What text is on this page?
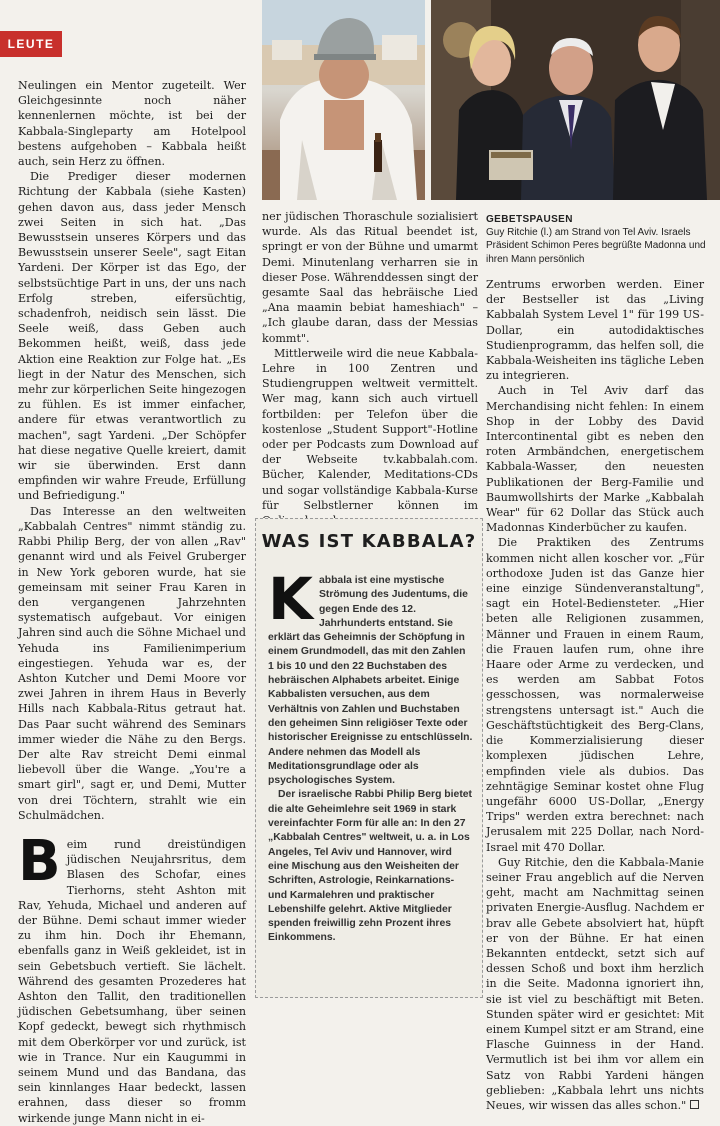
LEUTE
GEBETSPAUSEN
Guy Ritchie (l.) am Strand von Tel Aviv. Israels Präsident Schimon Peres begrüßte Madonna und ihren Mann persönlich

Neulingen ein Mentor zugeteilt. Wer Gleichgesinnte noch näher kennenlernen möchte, ist bei der Kabbala-Singleparty am Hotelpool bestens aufgehoben – Kabbala heißt auch, sein Herz zu öffnen.

Die Prediger dieser modernen Richtung der Kabbala (siehe Kasten) gehen davon aus, dass jeder Mensch zwei Seiten in sich hat. „Das Bewusstsein unseres Körpers und das Bewusstsein unserer Seele", sagt Eitan Yardeni. Der Körper ist das Ego, der selbstsüchtige Part in uns, der uns nach Erfolg streben, eifersüchtig, schadenfroh, neidisch sein lässt. Die Seele weiß, dass Geben auch Bekommen heißt, weiß, dass jede Aktion eine Reaktion zur Folge hat. „Es liegt in der Natur des Menschen, sich mehr zur körperlichen Seite hingezogen zu fühlen. Es ist immer einfacher, andere für etwas verantwortlich zu machen", sagt Yardeni. „Der Schöpfer hat diese negative Quelle kreiert, damit wir sie überwinden. Erst dann empfinden wir wahre Freude, Erfüllung und Befriedigung."

Das Interesse an den weltweiten „Kabbalah Centres" nimmt ständig zu. Rabbi Philip Berg, der von allen „Rav" genannt wird und als Feivel Gruberger in New York geboren wurde, hat sie gemeinsam mit seiner Frau Karen in den vergangenen Jahrzehnten systematisch aufgebaut. Vor einigen Jahren sind auch die Söhne Michael und Yehuda ins Familienimperium eingestiegen. Yehuda war es, der Ashton Kutcher und Demi Moore vor zwei Jahren in ihrem Haus in Beverly Hills nach Kabbala-Ritus getraut hat. Das Paar sucht während des Seminars immer wieder die Nähe zu den Bergs. Der alte Rav streicht Demi einmal liebevoll über die Wange. „You're a smart girl", sagt er, und Demi, Mutter von drei Töchtern, strahlt wie ein Schulmädchen.

Beim rund dreistündigen jüdischen Neujahrsritus, dem Blasen des Schofar, eines Tierhorns, steht Ashton mit Rav, Yehuda, Michael und anderen auf der Bühne. Demi schaut immer wieder zu ihm hin. Doch ihr Ehemann, ebenfalls ganz in Weiß gekleidet, ist in sein Gebetsbuch vertieft. Sie lächelt. Während des gesamten Prozederes hat Ashton den Tallit, den traditionellen jüdischen Gebetsumhang, über seinen Kopf gedeckt, bewegt sich rhythmisch mit dem Oberkörper vor und zurück, ist wie in Trance. Nur ein Kaugummi in seinem Mund und das Bandana, das sein kinnlanges Haar bedeckt, lassen erahnen, dass dieser so fromm wirkende junge Mann nicht in ei-

ner jüdischen Thoraschule sozialisiert wurde. Als das Ritual beendet ist, springt er von der Bühne und umarmt Demi. Minutenlang verharren sie in dieser Pose. Währenddessen singt der gesamte Saal das hebräische Lied „Ana maamin bebiat hameshiach" – „Ich glaube daran, dass der Messias kommt".

Mittlerweile wird die neue Kabbala-Lehre in 100 Zentren und Studiengruppen weltweit vermittelt. Wer mag, kann sich auch virtuell fortbilden: per Telefon über die kostenlose „Student Support"-Hotline oder per Podcasts zum Download auf der Webseite tv.kabbalah.com. Bücher, Kalender, Meditations-CDs und sogar vollständige Kabbala-Kurse für Selbstlerner können im

WAS IST KABBALA?

Kabbala ist eine mystische Strömung des Judentums, die gegen Ende des 12. Jahrhunderts entstand. Sie erklärt das Geheimnis der Schöpfung in einem Grundmodell, das mit den Zahlen 1 bis 10 und den 22 Buchstaben des hebräischen Alphabets arbeitet. Einige Kabbalisten versuchen, aus dem Verhältnis von Zahlen und Buchstaben den geheimen Sinn religiöser Texte oder historischer Ereignisse zu entschlüsseln. Andere nehmen das Modell als Meditationsgrundlage oder als psychologisches System.

Der israelische Rabbi Philip Berg bietet die alte Geheimlehre seit 1969 in stark vereinfachter Form für alle an: In den 27 „Kabbalah Centres" weltweit, u. a. in Los Angeles, Tel Aviv und Hannover, wird eine Mischung aus den Weisheiten der Schriften, Astrologie, Reinkarnations- und Karmalehren und praktischer Lebenshilfe gelehrt. Aktive Mitglieder spenden freiwillig zehn Prozent ihres Einkommens.

Zentrums erworben werden. Einer der Bestseller ist das „Living Kabbalah System Level 1" für 199 US-Dollar, ein autodidaktisches Studienprogramm, das helfen soll, die Kabbala-Weisheiten ins tägliche Leben zu integrieren.

Auch in Tel Aviv darf das Merchandising nicht fehlen: In einem Shop in der Lobby des David Intercontinental gibt es neben den roten Armbändchen, energetischem Kabbala-Wasser, den neuesten Publikationen der Berg-Familie und Baumwollshirts der Marke „Kabbalah Wear" für 62 Dollar das Stück auch Madonnas Kinderbücher zu kaufen.

Die Praktiken des Zentrums kommen nicht allen koscher vor. „Für orthodoxe Juden ist das Ganze hier eine einzige Sündenveranstaltung", sagt ein Hotel-Bediensteter. „Hier beten alle Religionen zusammen, Männer und Frauen in einem Raum, die Frauen laufen rum, ohne ihre Haare oder Arme zu verdecken, und es werden am Sabbat Fotos gesschossen, was normalerweise strengstens untersagt ist." Auch die Geschäftstüchtigkeit des Berg-Clans, die Kommerzialisierung dieser komplexen jüdischen Lehre, empfinden viele als dubios. Das zehntägige Seminar kostet ohne Flug ungefähr 6000 US-Dollar, „Energy Trips" werden extra berechnet: nach Jerusalem mit 225 Dollar, nach Nord-Israel mit 470 Dollar.

Guy Ritchie, den die Kabbala-Manie seiner Frau angeblich auf die Nerven geht, macht am Nachmittag seinen privaten Energie-Ausflug. Nachdem er brav alle Gebete absolviert hat, hüpft er von der Bühne. Er hat einen Bekannten entdeckt, setzt sich auf dessen Schoß und boxt ihm herzlich in die Seite. Madonna ignoriert ihn, sie ist viel zu beschäftigt mit Beten. Stunden später wird er gesichtet: Mit einem Kumpel sitzt er am Strand, eine Flasche Guinness in der Hand. Vermutlich ist bei ihm vor allem ein Satz von Rabbi Yardeni hängen geblieben: „Kabbala lehrt uns nichts Neues, wir wissen das alles schon."
